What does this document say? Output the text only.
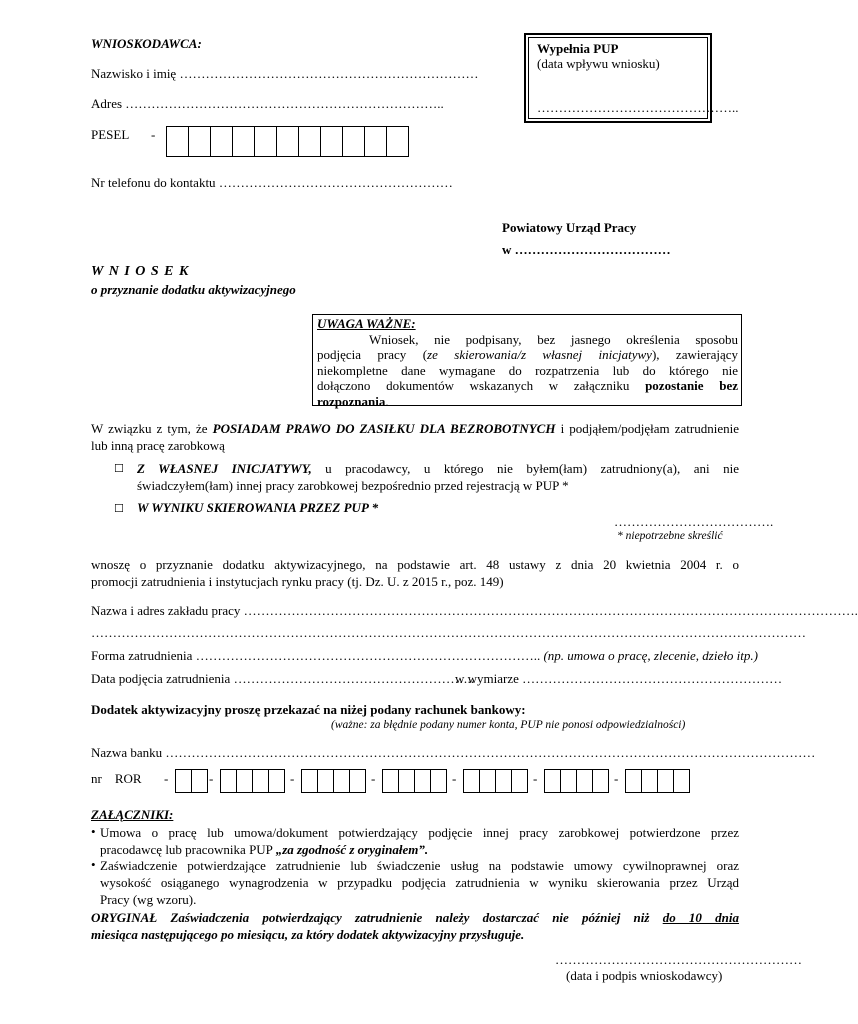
WNIOSKODAWCA:
Nazwisko i imię ……………………………………………………………
Adres ………………………………………………………………..
PESEL -
Nr telefonu do kontaktu ………………………………………………
Wypełnia PUP
(data wpływu wniosku)
………………………………………..
Powiatowy Urząd Pracy
w ………………………………
W N I O S E K
o przyznanie dodatku aktywizacyjnego
UWAGA WAŻNE:
Wniosek, nie podpisany, bez jasnego określenia sposobu
podjęcia pracy (ze skierowania/z własnej inicjatywy), zawierający
niekompletne dane wymagane do rozpatrzenia lub do którego nie
dołączono dokumentów wskazanych w załączniku pozostanie bez
rozpoznania.
W związku z tym, że POSIADAM PRAWO DO ZASIŁKU DLA BEZROBOTNYCH i podjąłem/podjęłam zatrudnienie
lub inną pracę zarobkową
☐ Z WŁASNEJ INICJATYWY, u pracodawcy, u którego nie byłem(łam) zatrudniony(a), ani nie
świadczyłem(łam) innej pracy zarobkowej bezpośrednio przed rejestracją w PUP *
☐ W WYNIKU SKIEROWANIA PRZEZ PUP *
……………………………….
* niepotrzebne skreślić
wnoszę o przyznanie dodatku aktywizacyjnego, na podstawie art. 48 ustawy z dnia 20 kwietnia 2004 r. o
promocji zatrudnienia i instytucjach rynku pracy (tj. Dz. U. z 2015 r., poz. 149)
Nazwa i adres zakładu pracy …………………………………………………………………………………………………………………………….
…………………………………………………………………………………………………………………………………………………
Forma zatrudnienia …………………………………………………………………….. (np. umowa o pracę, zlecenie, dzieło itp.)
Data podjęcia zatrudnienia ………………………………………………..
w wymiarze ……………………………………………………
Dodatek aktywizacyjny proszę przekazać na niżej podany rachunek bankowy:
(ważne: za błędnie podany numer konta, PUP nie ponosi odpowiedzialności)
Nazwa banku ……………………………………………………………………………………………………………………………………
nr    ROR -	-	-	-	-	-	-
ZAŁĄCZNIKI:
• Umowa o pracę lub umowa/dokument potwierdzający podjęcie innej pracy zarobkowej potwierdzone przez
pracodawcę lub pracownika PUP „za zgodność z oryginałem”.
• Zaświadczenie potwierdzające zatrudnienie lub świadczenie usług na podstawie umowy cywilnoprawnej oraz
wysokość osiąganego wynagrodzenia w przypadku podjęcia zatrudnienia w wyniku skierowania przez Urząd
Pracy (wg wzoru).
ORYGINAŁ Zaświadczenia potwierdzający zatrudnienie należy dostarczać nie później niż do 10 dnia
miesiąca następującego po miesiącu, za który dodatek aktywizacyjny przysługuje.
…………………………………………………
(data i podpis wnioskodawcy)
